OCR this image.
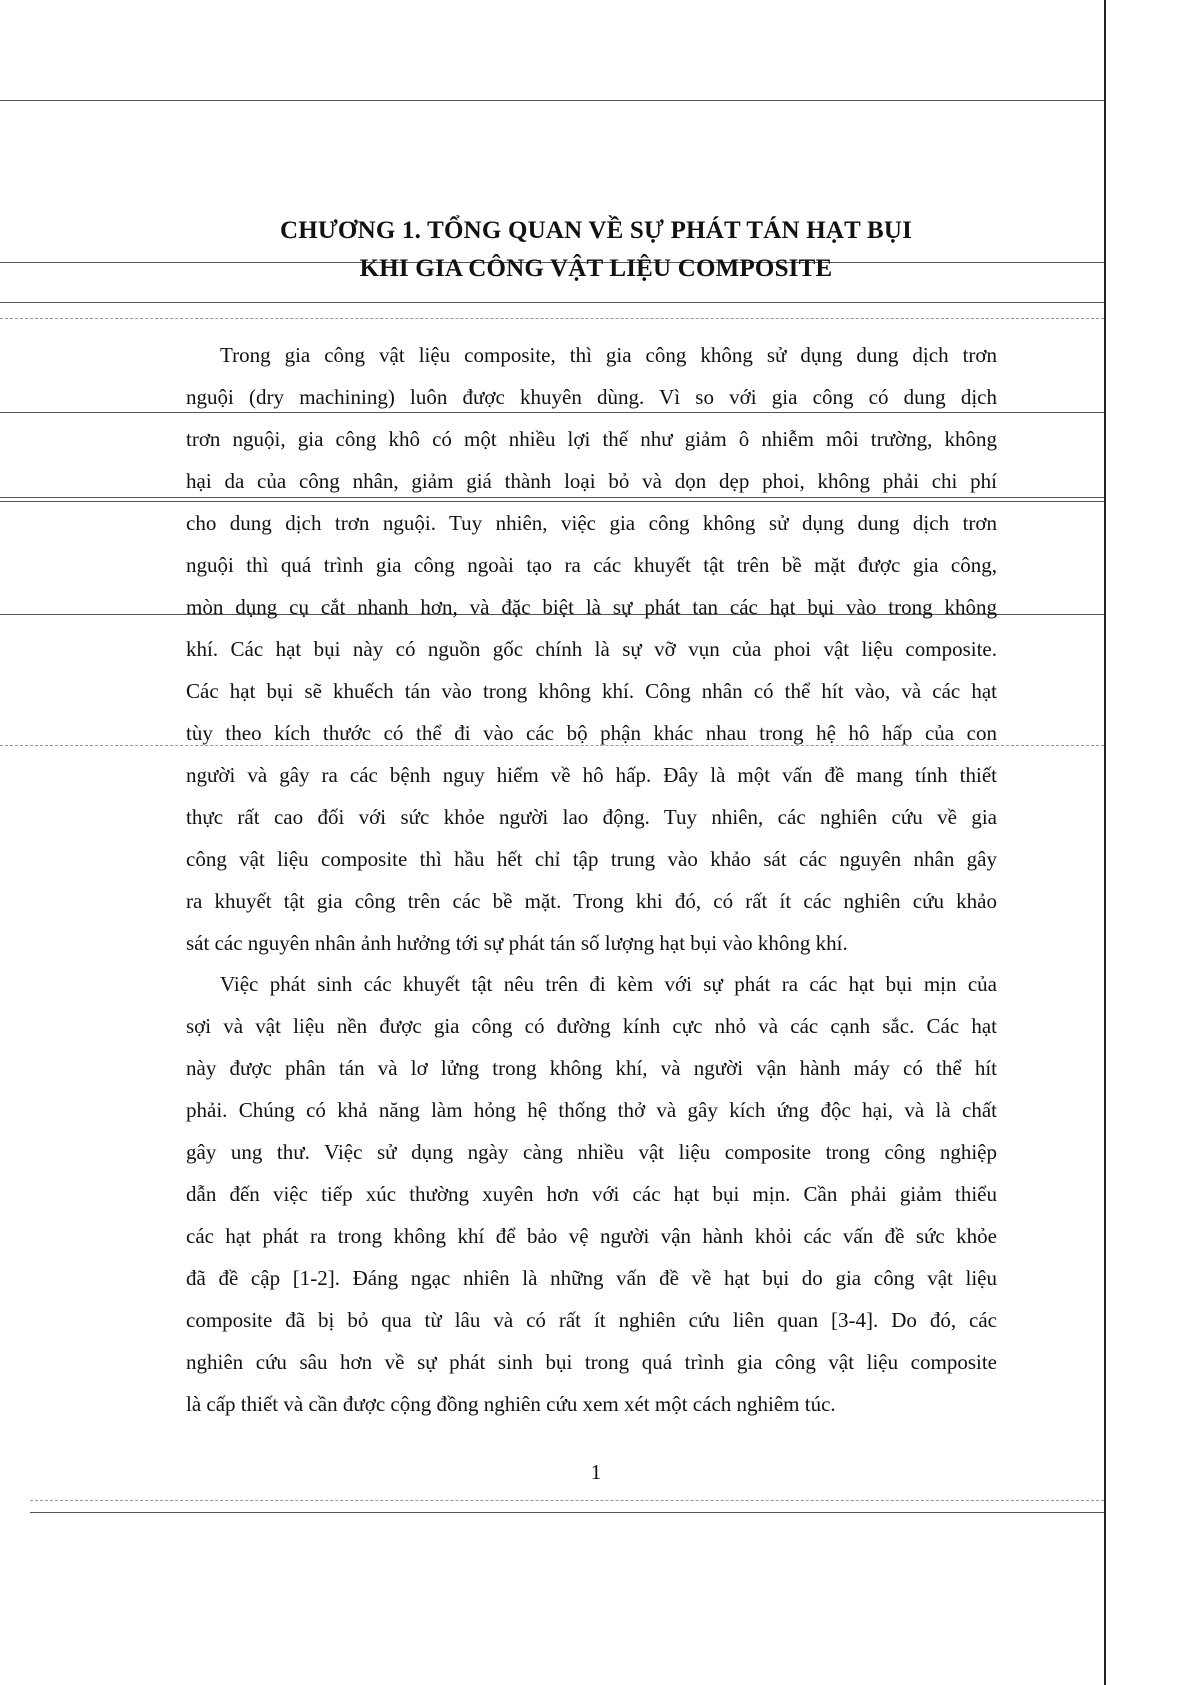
CHƯƠNG 1. TỔNG QUAN VỀ SỰ PHÁT TÁN HẠT BỤI
KHI GIA CÔNG VẬT LIỆU COMPOSITE
Trong gia công vật liệu composite, thì gia công không sử dụng dung dịch trơn
nguội (dry machining) luôn được khuyên dùng. Vì so với gia công có dung dịch
trơn nguội, gia công khô có một nhiều lợi thế như giảm ô nhiễm môi trường, không
hại da của công nhân, giảm giá thành loại bỏ và dọn dẹp phoi, không phải chi phí
cho dung dịch trơn nguội. Tuy nhiên, việc gia công không sử dụng dung dịch trơn
nguội thì quá trình gia công ngoài tạo ra các khuyết tật trên bề mặt được gia công,
mòn dụng cụ cắt nhanh hơn, và đặc biệt là sự phát tan các hạt bụi vào trong không
khí. Các hạt bụi này có nguồn gốc chính là sự vỡ vụn của phoi vật liệu composite.
Các hạt bụi sẽ khuếch tán vào trong không khí. Công nhân có thể hít vào, và các hạt
tùy theo kích thước có thể đi vào các bộ phận khác nhau trong hệ hô hấp của con
người và gây ra các bệnh nguy hiểm về hô hấp. Đây là một vấn đề mang tính thiết
thực rất cao đối với sức khỏe người lao động. Tuy nhiên, các nghiên cứu về gia
công vật liệu composite thì hầu hết chỉ tập trung vào khảo sát các nguyên nhân gây
ra khuyết tật gia công trên các bề mặt. Trong khi đó, có rất ít các nghiên cứu khảo
sát các nguyên nhân ảnh hưởng tới sự phát tán số lượng hạt bụi vào không khí.
Việc phát sinh các khuyết tật nêu trên đi kèm với sự phát ra các hạt bụi mịn của
sợi và vật liệu nền được gia công có đường kính cực nhỏ và các cạnh sắc. Các hạt
này được phân tán và lơ lửng trong không khí, và người vận hành máy có thể hít
phải. Chúng có khả năng làm hỏng hệ thống thở và gây kích ứng độc hại, và là chất
gây ung thư. Việc sử dụng ngày càng nhiều vật liệu composite trong công nghiệp
dẫn đến việc tiếp xúc thường xuyên hơn với các hạt bụi mịn. Cần phải giảm thiểu
các hạt phát ra trong không khí để bảo vệ người vận hành khỏi các vấn đề sức khỏe
đã đề cập [1-2]. Đáng ngạc nhiên là những vấn đề về hạt bụi do gia công vật liệu
composite đã bị bỏ qua từ lâu và có rất ít nghiên cứu liên quan [3-4]. Do đó, các
nghiên cứu sâu hơn về sự phát sinh bụi trong quá trình gia công vật liệu composite
là cấp thiết và cần được cộng đồng nghiên cứu xem xét một cách nghiêm túc.
1
